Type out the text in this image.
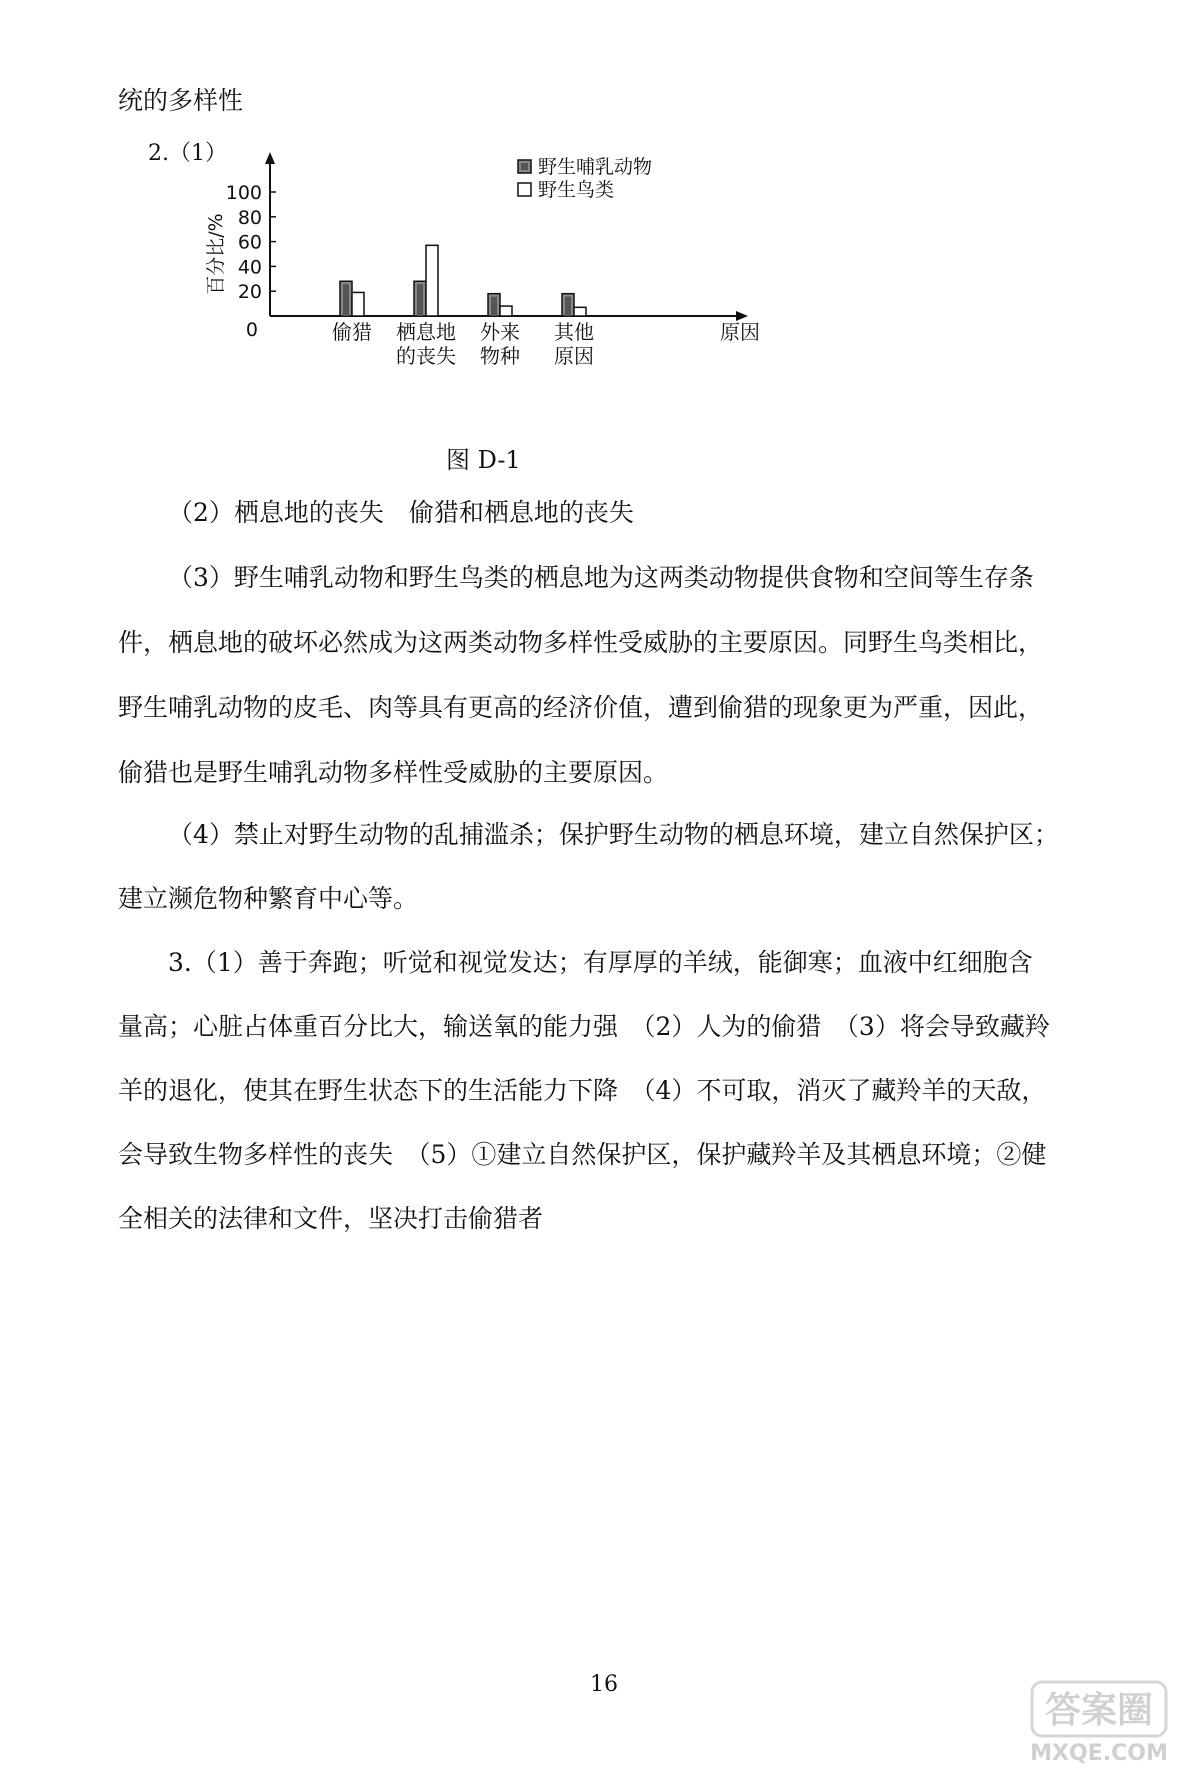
统的多样性
2.（1）
0
20
40
60
80
100
百分比/%
偷猎 栖息地
的丧失
外来
物种
其他
原因
原因
野生哺乳动物
野生鸟类
图 D-1
（2）栖息地的丧失　偷猎和栖息地的丧失
（3）野生哺乳动物和野生鸟类的栖息地为这两类动物提供食物和空间等生存条
件，栖息地的破坏必然成为这两类动物多样性受威胁的主要原因。同野生鸟类相比，
野生哺乳动物的皮毛、肉等具有更高的经济价值，遭到偷猎的现象更为严重，因此，
偷猎也是野生哺乳动物多样性受威胁的主要原因。
（4）禁止对野生动物的乱捕滥杀；保护野生动物的栖息环境，建立自然保护区；
建立濒危物种繁育中心等。
3.（1）善于奔跑；听觉和视觉发达；有厚厚的羊绒，能御寒；血液中红细胞含
量高；心脏占体重百分比大，输送氧的能力强　（2）人为的偷猎　（3）将会导致藏羚
羊的退化，使其在野生状态下的生活能力下降　（4）不可取，消灭了藏羚羊的天敌，
会导致生物多样性的丧失　（5）①建立自然保护区，保护藏羚羊及其栖息环境；②健
全相关的法律和文件，坚决打击偷猎者
16
答案圈
MXQE.COM
